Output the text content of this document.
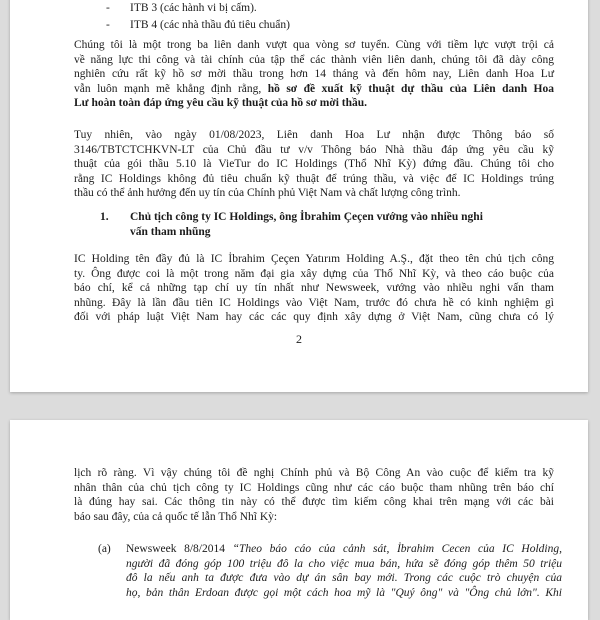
-	ITB 3 (các hành vi bị cấm).
-	ITB 4 (các nhà thầu đủ tiêu chuẩn)
Chúng tôi là một trong ba liên danh vượt qua vòng sơ tuyển. Cùng với tiềm lực vượt trội cả
về năng lực thi công và tài chính của tập thể các thành viên liên danh, chúng tôi đã dày công
nghiên cứu rất kỹ hồ sơ mời thầu trong hơn 14 tháng và đến hôm nay, Liên danh Hoa Lư
vẫn luôn mạnh mẽ khẳng định rằng, hồ sơ đề xuất kỹ thuật dự thầu của Liên danh Hoa
Lư hoàn toàn đáp ứng yêu cầu kỹ thuật của hồ sơ mời thầu.
Tuy nhiên, vào ngày 01/08/2023, Liên danh Hoa Lư nhận được Thông báo số
3146/TBTCTCHKVN-LT của Chủ đầu tư v/v Thông báo Nhà thầu đáp ứng yêu cầu kỹ
thuật của gói thầu 5.10 là VieTur do IC Holdings (Thổ Nhĩ Kỳ) đứng đầu. Chúng tôi cho
rằng IC Holdings không đủ tiêu chuẩn kỹ thuật để trúng thầu, và việc để IC Holdings trúng
thầu có thể ảnh hưởng đến uy tín của Chính phủ Việt Nam và chất lượng công trình.
1.	Chủ tịch công ty IC Holdings, ông İbrahim Çeçen vướng vào nhiều nghi
vấn tham nhũng
IC Holding tên đầy đủ là IC İbrahim Çeçen Yatırım Holding A.Ş., đặt theo tên chủ tịch công
ty. Ông được coi là một trong năm đại gia xây dựng của Thổ Nhĩ Kỳ, và theo cáo buộc của
báo chí, kể cả những tạp chí uy tín nhất như Newsweek, vướng vào nhiều nghi vấn tham
nhũng. Đây là lần đầu tiên IC Holdings vào Việt Nam, trước đó chưa hề có kinh nghiệm gì
đối với pháp luật Việt Nam hay các các quy định xây dựng ở Việt Nam, cũng chưa có lý
2
lịch rõ ràng. Vì vậy chúng tôi đề nghị Chính phủ và Bộ Công An vào cuộc để kiểm tra kỹ
nhân thân của chủ tịch công ty IC Holdings cũng như các cáo buộc tham nhũng trên báo chí
là đúng hay sai. Các thông tin này có thể được tìm kiếm công khai trên mạng với các bài
báo sau đây, của cả quốc tế lẫn Thổ Nhĩ Kỳ:
(a) Newsweek 8/8/2014 “Theo báo cáo của cảnh sát, İbrahim Cecen của IC Holding,
người đã đóng góp 100 triệu đô la cho việc mua bán, hứa sẽ đóng góp thêm 50 triệu
đô la nếu anh ta được đưa vào dự án sân bay mới. Trong các cuộc trò chuyện của
họ, bản thân Erdoan được gọi một cách hoa mỹ là "Quý ông" và "Ông chủ lớn". Khi
